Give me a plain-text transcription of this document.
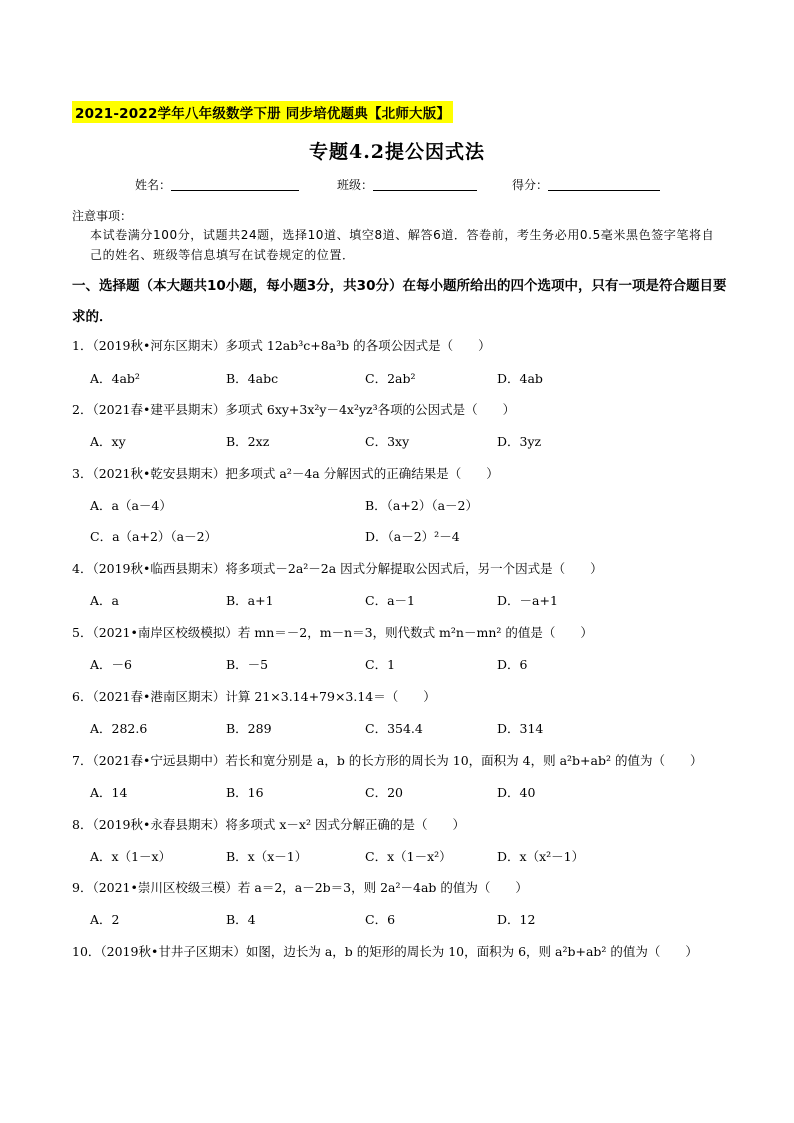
2021-2022学年八年级数学下册 同步培优题典【北师大版】
专题4.2提公因式法
姓名：	班级：	得分：
注意事项：
本试卷满分100分，试题共24题，选择10道、填空8道、解答6道．答卷前，考生务必用0.5毫米黑色签字笔将自己的姓名、班级等信息填写在试卷规定的位置．
一、选择题（本大题共10小题，每小题3分，共30分）在每小题所给出的四个选项中，只有一项是符合题目要求的．
1．（2019秋•河东区期末）多项式 12ab³c+8a³b 的各项公因式是（　　）
A．4ab²	B．4abc	C．2ab²	D．4ab
2．（2021春•建平县期末）多项式 6xy+3x²y－4x²yz³各项的公因式是（　　）
A．xy	B．2xz	C．3xy	D．3yz
3．（2021秋•乾安县期末）把多项式 a²－4a 分解因式的正确结果是（　　）
A．a（a－4）	B．（a+2）（a－2）
C．a（a+2）（a－2）	D．（a－2）²－4
4．（2019秋•临西县期末）将多项式－2a²－2a 因式分解提取公因式后，另一个因式是（　　）
A．a	B．a+1	C．a－1	D．－a+1
5．（2021•南岸区校级模拟）若 mn＝－2，m－n＝3，则代数式 m²n－mn² 的值是（　　）
A．－6	B．－5	C．1	D．6
6．（2021春•港南区期末）计算 21×3.14+79×3.14＝（　　）
A．282.6	B．289	C．354.4	D．314
7．（2021春•宁远县期中）若长和宽分别是 a，b 的长方形的周长为 10，面积为 4，则 a²b+ab² 的值为（　　）
A．14	B．16	C．20	D．40
8．（2019秋•永春县期末）将多项式 x－x² 因式分解正确的是（　　）
A．x（1－x）	B．x（x－1）	C．x（1－x²）	D．x（x²－1）
9．（2021•崇川区校级三模）若 a＝2，a－2b＝3，则 2a²－4ab 的值为（　　）
A．2	B．4	C．6	D．12
10．（2019秋•甘井子区期末）如图，边长为 a，b 的矩形的周长为 10，面积为 6，则 a²b+ab² 的值为（　　）
